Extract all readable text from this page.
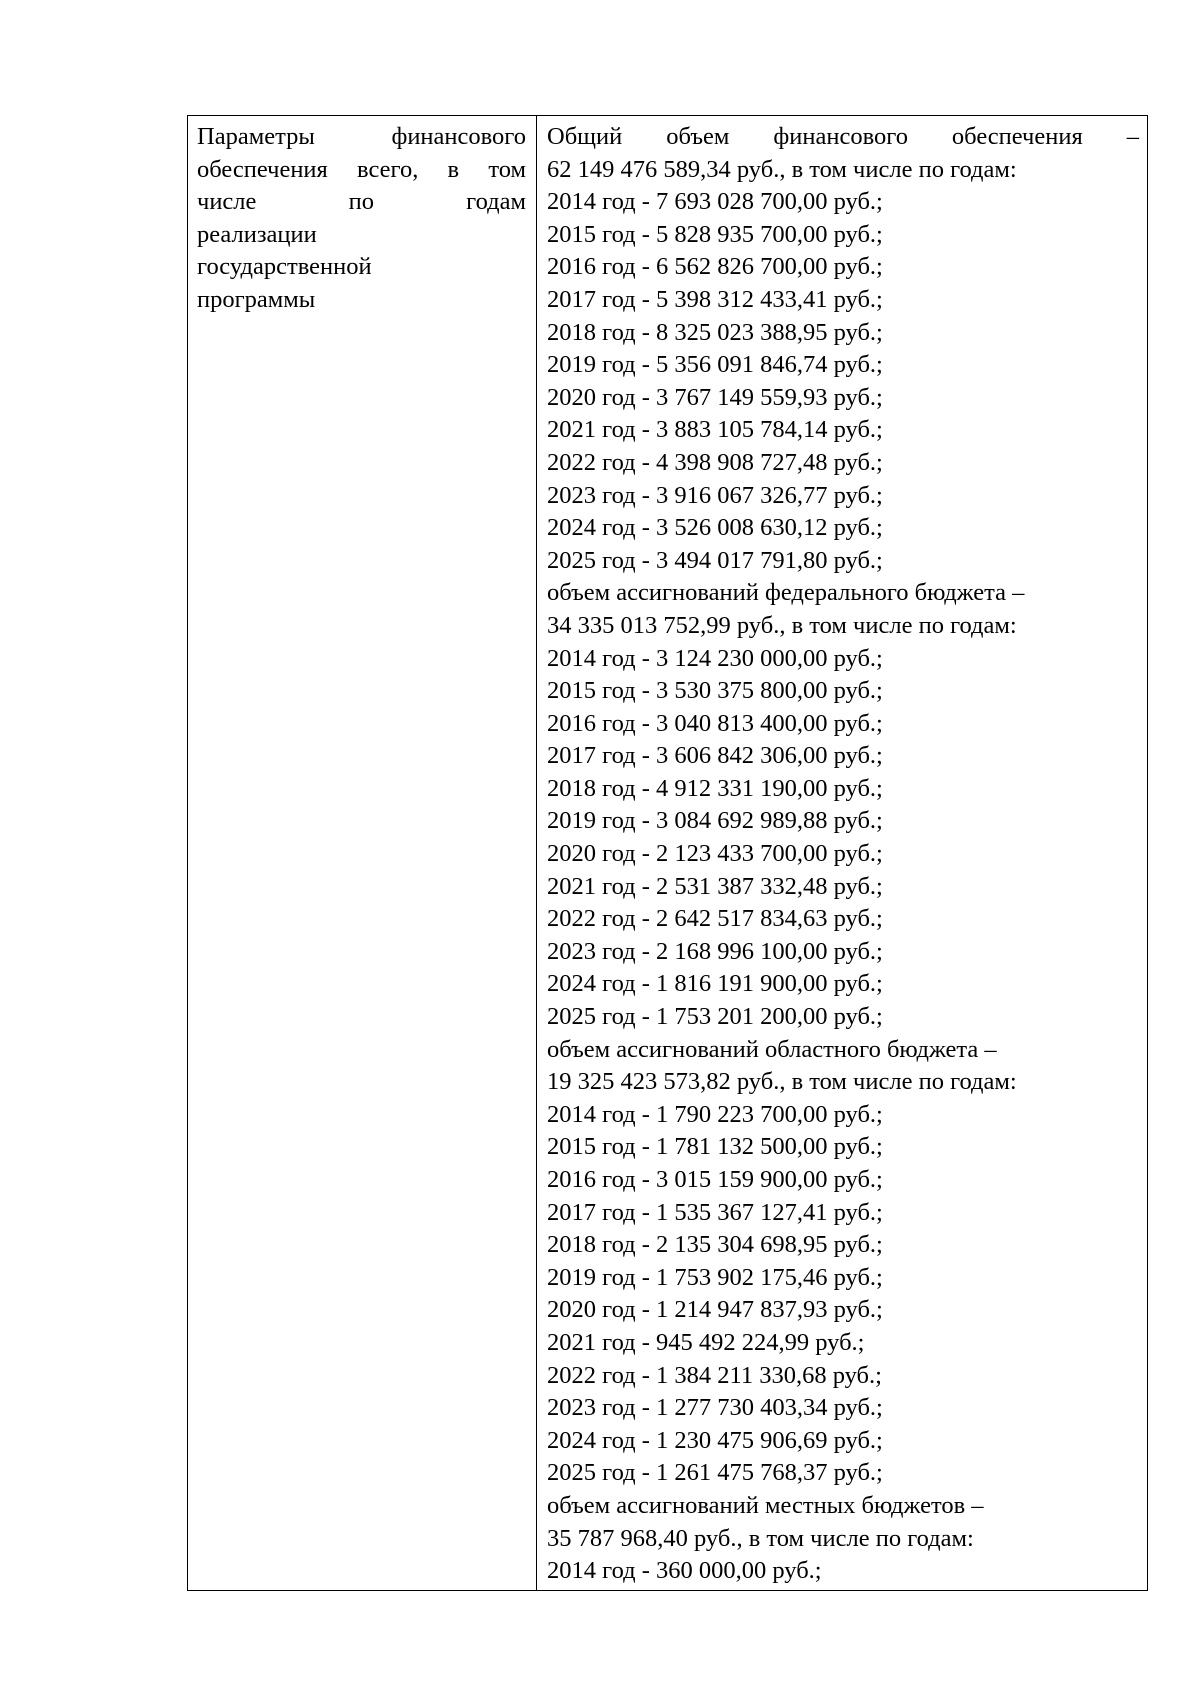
Параметры финансового
обеспечения всего, в том
числе по годам
реализации
государственной
программы

Общий объем финансового обеспечения –
62 149 476 589,34 руб., в том числе по годам:
2014 год - 7 693 028 700,00 руб.;
2015 год - 5 828 935 700,00 руб.;
2016 год - 6 562 826 700,00 руб.;
2017 год - 5 398 312 433,41 руб.;
2018 год - 8 325 023 388,95 руб.;
2019 год - 5 356 091 846,74 руб.;
2020 год - 3 767 149 559,93 руб.;
2021 год - 3 883 105 784,14 руб.;
2022 год - 4 398 908 727,48 руб.;
2023 год - 3 916 067 326,77 руб.;
2024 год - 3 526 008 630,12 руб.;
2025 год - 3 494 017 791,80 руб.;
объем ассигнований федерального бюджета –
34 335 013 752,99 руб., в том числе по годам:
2014 год - 3 124 230 000,00 руб.;
2015 год - 3 530 375 800,00 руб.;
2016 год - 3 040 813 400,00 руб.;
2017 год - 3 606 842 306,00 руб.;
2018 год - 4 912 331 190,00 руб.;
2019 год - 3 084 692 989,88 руб.;
2020 год - 2 123 433 700,00 руб.;
2021 год - 2 531 387 332,48 руб.;
2022 год - 2 642 517 834,63 руб.;
2023 год - 2 168 996 100,00 руб.;
2024 год - 1 816 191 900,00 руб.;
2025 год - 1 753 201 200,00 руб.;
объем ассигнований областного бюджета –
19 325 423 573,82 руб., в том числе по годам:
2014 год - 1 790 223 700,00 руб.;
2015 год - 1 781 132 500,00 руб.;
2016 год - 3 015 159 900,00 руб.;
2017 год - 1 535 367 127,41 руб.;
2018 год - 2 135 304 698,95 руб.;
2019 год - 1 753 902 175,46 руб.;
2020 год - 1 214 947 837,93 руб.;
2021 год - 945 492 224,99 руб.;
2022 год - 1 384 211 330,68 руб.;
2023 год - 1 277 730 403,34 руб.;
2024 год - 1 230 475 906,69 руб.;
2025 год - 1 261 475 768,37 руб.;
объем ассигнований местных бюджетов –
35 787 968,40 руб., в том числе по годам:
2014 год - 360 000,00 руб.;
